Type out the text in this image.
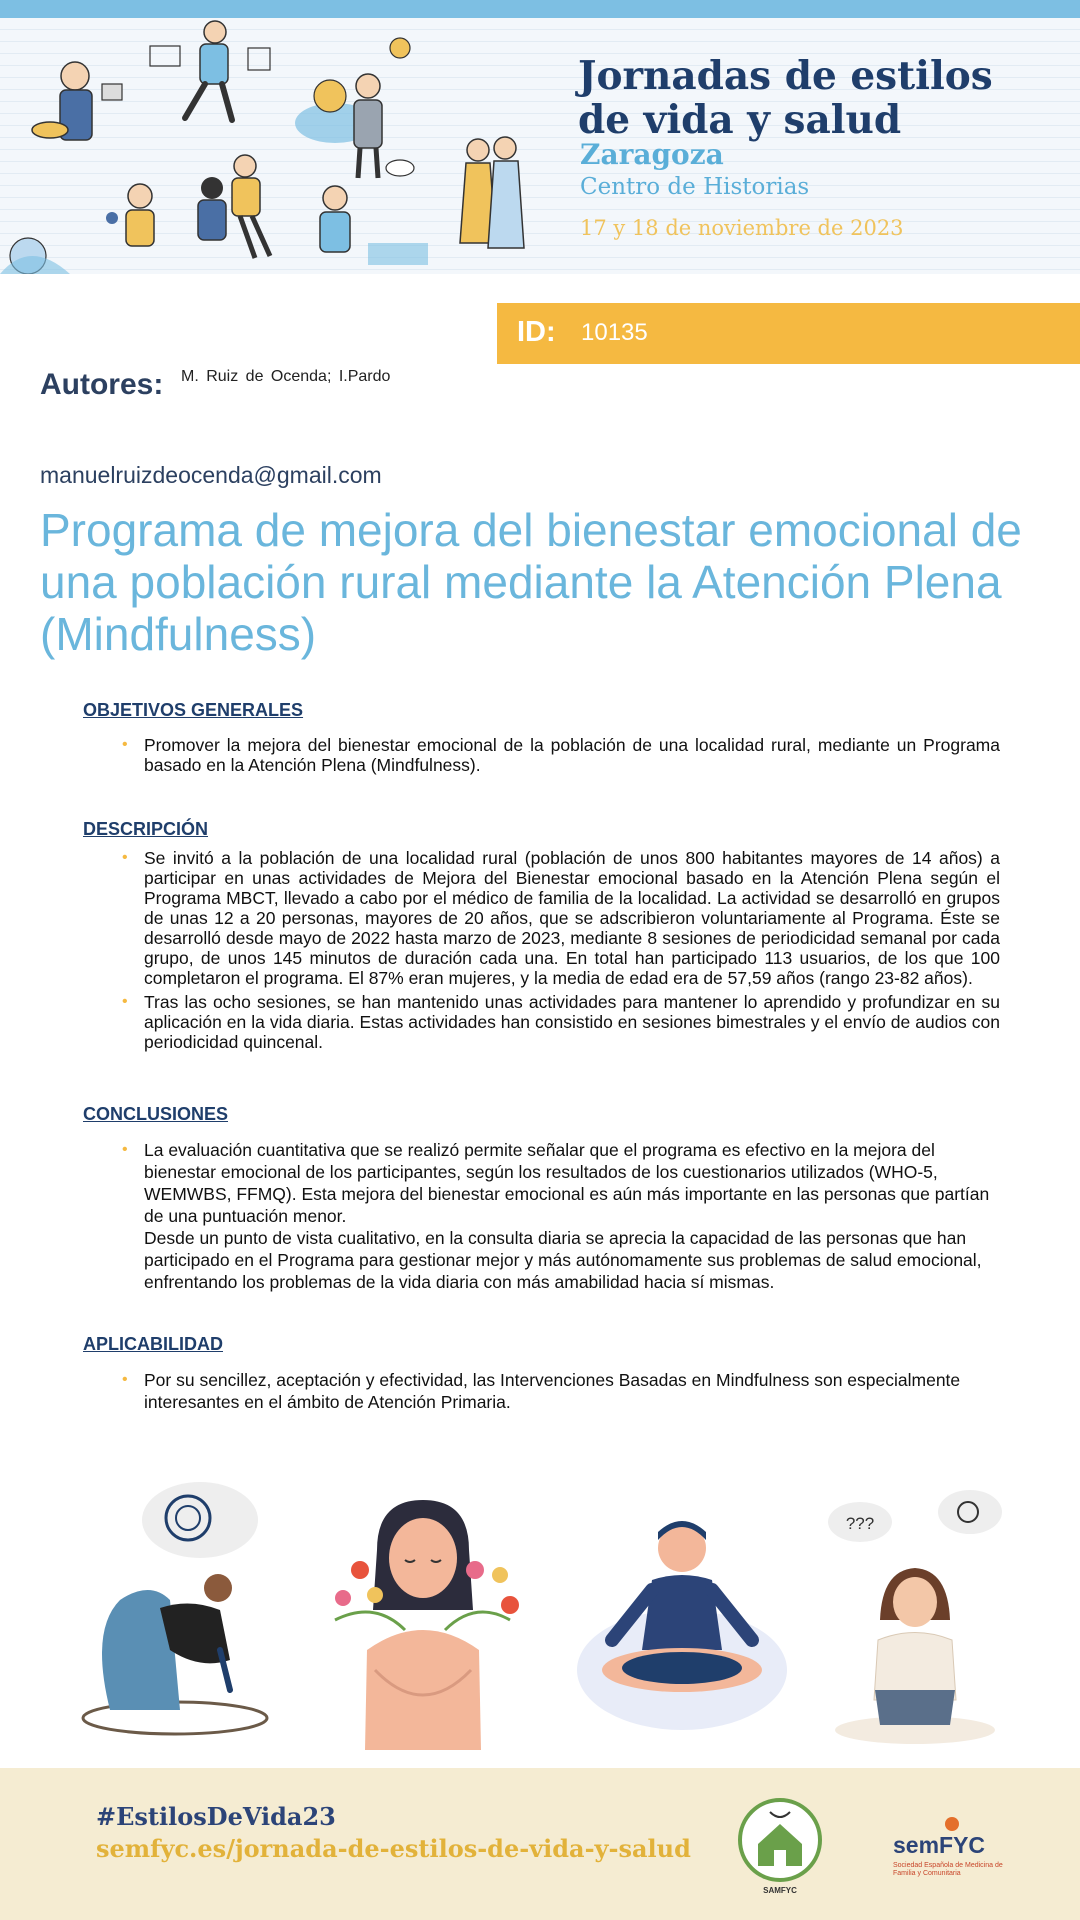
Jornadas de estilos de vida y salud
Zaragoza
Centro de Historias
17 y 18 de noviembre de 2023
ID: 10135
Autores: M. Ruiz de Ocenda; I.Pardo
manuelruizdeocenda@gmail.com
Programa de mejora del bienestar emocional de una población rural mediante la Atención Plena (Mindfulness)
OBJETIVOS GENERALES
• Promover la mejora del bienestar emocional de la población de una localidad rural, mediante un Programa basado en la Atención Plena (Mindfulness).
DESCRIPCIÓN
• Se invitó a la población de una localidad rural (población de unos 800 habitantes mayores de 14 años) a participar en unas actividades de Mejora del Bienestar emocional basado en la Atención Plena según el Programa MBCT, llevado a cabo por el médico de familia de la localidad. La actividad se desarrolló en grupos de unas 12 a 20 personas, mayores de 20 años, que se adscribieron voluntariamente al Programa. Éste se desarrolló desde mayo de 2022 hasta marzo de 2023, mediante 8 sesiones de periodicidad semanal por cada grupo, de unos 145 minutos de duración cada una. En total han participado 113 usuarios, de los que 100 completaron el programa. El 87% eran mujeres, y la media de edad era de 57,59 años (rango 23-82 años).
• Tras las ocho sesiones, se han mantenido unas actividades para mantener lo aprendido y profundizar en su aplicación en la vida diaria. Estas actividades han consistido en sesiones bimestrales y el envío de audios con periodicidad quincenal.
CONCLUSIONES
• La evaluación cuantitativa que se realizó permite señalar que el programa es efectivo en la mejora del bienestar emocional de los participantes, según los resultados de los cuestionarios utilizados (WHO-5, WEMWBS, FFMQ). Esta mejora del bienestar emocional es aún más importante en las personas que partían de una puntuación menor.
Desde un punto de vista cualitativo, en la consulta diaria se aprecia la capacidad de las personas que han participado en el Programa para gestionar mejor y más autónomamente sus problemas de salud emocional, enfrentando los problemas de la vida diaria con más amabilidad hacia sí mismas.
APLICABILIDAD
• Por su sencillez, aceptación y efectividad, las Intervenciones Basadas en Mindfulness son especialmente interesantes en el ámbito de Atención Primaria.
???
#EstilosDeVida23
semfyc.es/jornada-de-estilos-de-vida-y-salud
SAMFYC
semFYC
Sociedad Española de Medicina de Familia y Comunitaria
